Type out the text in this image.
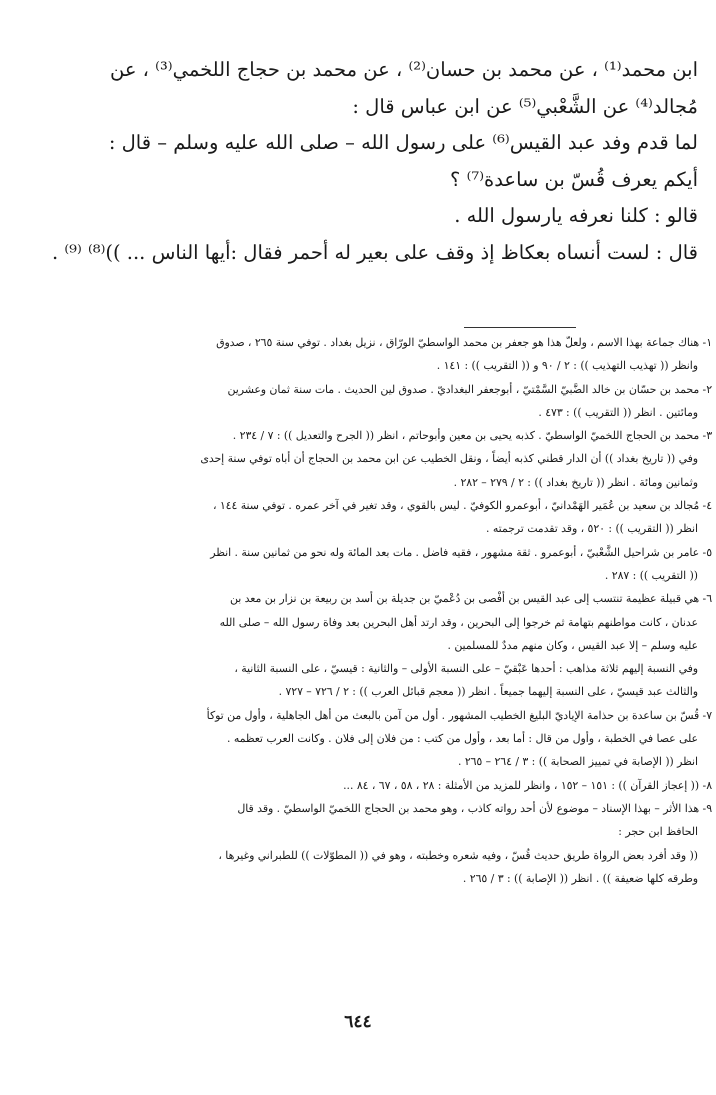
ابن محمد⁽¹⁾ ، عن محمد بن حسان⁽²⁾ ، عن محمد بن حجاج اللخمي⁽³⁾ ، عن

مُجالد⁽⁴⁾ عن الشَّعْبي⁽⁵⁾ عن ابن عباس قال :

لما قدم وفد عبد القيس⁽⁶⁾ على رسول الله – صلى الله عليه وسلم – قال :

أيكم يعرف قُسّ بن ساعدة⁽⁷⁾ ؟

قالو : كلنا نعرفه يارسول الله .

قال : لست أنساه بعكاظ إذ وقف على بعير له أحمر فقال :أيها الناس ... ))⁽⁸⁾ ⁽⁹⁾ .

١- هناك جماعة بهذا الاسم ، ولعلّ هذا هو جعفر بن محمد الواسطيّ الورّاق ، نزيل بغداد . توفي سنة ٢٦٥ ، صدوق
وانظر (( تهذيب التهذيب )) : ٢ / ٩٠ و (( التقريب )) : ١٤١ .
٢- محمد بن حسّان بن خالد الضَّبيّ السَّمْتيّ ، أبوجعفر البغداديّ . صدوق لين الحديث . مات سنة ثمان وعشرين
ومائتين . انظر (( التقريب )) : ٤٧٣ .
٣- محمد بن الحجاج اللخميّ الواسطيّ . كذبه يحيى بن معين وأبوحاتم ، انظر (( الجرح والتعديل )) : ٧ / ٢٣٤ .
وفي (( تاريخ بغداد )) أن الدار قطني كذبه أيضاً ، ونقل الخطيب عن ابن محمد بن الحجاج أن أباه توفي سنة إحدى
وثمانين ومائة . انظر (( تاريخ بغداد )) : ٢ / ٢٧٩ – ٢٨٢ .
٤- مُجالد بن سعيد بن عُمَير الهَمْدانيّ ، أبوعمرو الكوفيّ . ليس بالقوي ، وقد تغير في آخر عمره . توفي سنة ١٤٤ ،
انظر (( التقريب )) : ٥٢٠ ، وقد تقدمت ترجمته .
٥- عامر بن شراحيل الشَّعْبيّ ، أبوعمرو . ثقة مشهور ، فقيه فاضل . مات بعد المائة وله نحو من ثمانين سنة . انظر
(( التقريب )) : ٢٨٧ .
٦- هي قبيلة عظيمة تنتسب إلى عبد القيس بن أفْصى بن دُعْميّ بن جديلة بن أسد بن ربيعة بن نزار بن معد بن
عدنان ، كانت مواطنهم بتهامة ثم خرجوا إلى البحرين ، وقد ارتد أهل البحرين بعد وفاة رسول الله – صلى الله
عليه وسلم – إلا عبد القيس ، وكان منهم مددٌ للمسلمين .
وفي النسبة إليهم ثلاثة مذاهب : أحدها عَبْقيّ – على النسبة الأولى – والثانية : قيسيّ ، على النسبة الثانية ،
والثالث عبد قيسيّ ، على النسبة إليهما جميعاً . انظر (( معجم قبائل العرب )) : ٢ / ٧٢٦ – ٧٢٧ .
٧- قُسّ بن ساعدة بن حذامة الإياديّ البليغ الخطيب المشهور . أول من آمن بالبعث من أهل الجاهلية ، وأول من توكأ
على عصا في الخطبة ، وأول من قال : أما بعد ، وأول من كتب : من فلان إلى فلان . وكانت العرب تعظمه .
انظر (( الإصابة في تمييز الصحابة )) : ٣ / ٢٦٤ – ٢٦٥ .
٨- (( إعجاز القرآن )) : ١٥١ – ١٥٢ ، وانظر للمزيد من الأمثلة : ٢٨ ، ٥٨ ، ٦٧ ، ٨٤ ...
٩- هذا الأثر – بهذا الإسناد – موضوع لأن أحد رواته كاذب ، وهو محمد بن الحجاج اللخميّ الواسطيّ . وقد قال
الحافظ ابن حجر :
(( وقد أفرد بعض الرواة طريق حديث قُسّ ، وفيه شعره وخطبته ، وهو في (( المطوّلات )) للطبراني وغيرها ،
وطرقه كلها ضعيفة )) . انظر (( الإصابة )) : ٣ / ٢٦٥ .
٦٤٤
